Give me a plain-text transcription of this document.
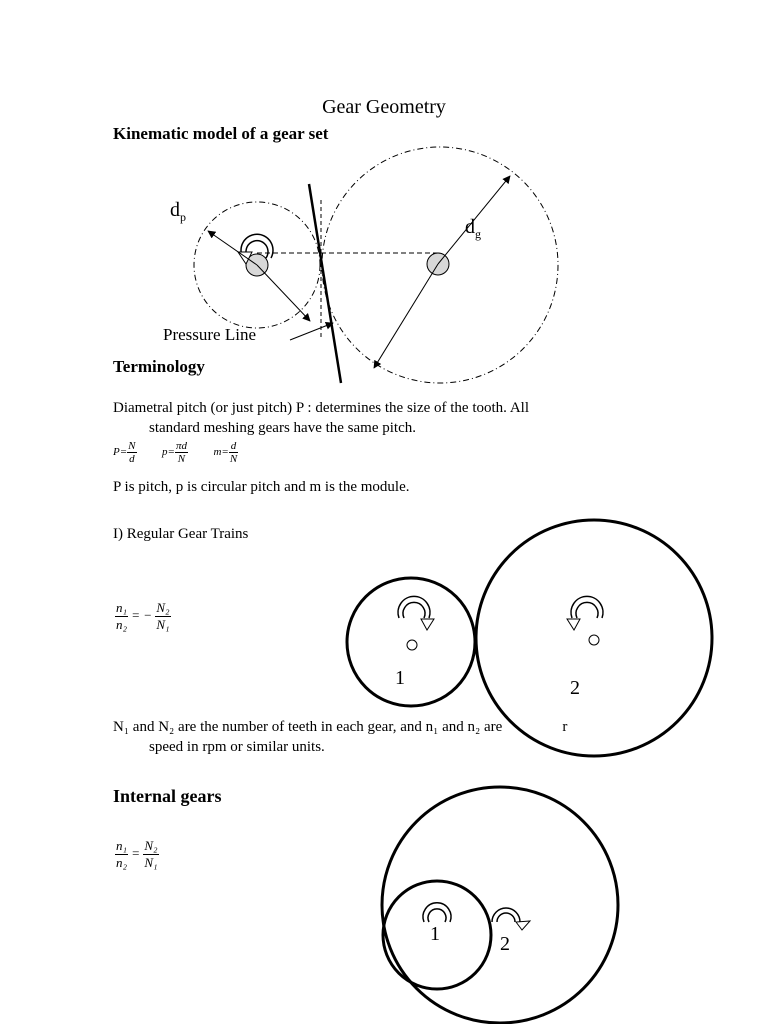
Gear Geometry
Kinematic model of a gear set
$d_p$	$d_g$
Pressure Line
Terminology
Diametral pitch (or just pitch) P : determines the size of the tooth. All

standard meshing gears have the same pitch.
$P= \frac{N}{d} p= \frac{\pi d}{N} m= \frac{d}{N}$
P is pitch, p is circular pitch and m is the module.
I) Regular Gear Trains
$\frac{\text{n₁}}{\text{n₂}}$ = − $\frac{\text{N₂}}{\text{N₁}}$
1	2
N₁ and N₂ are the number of teeth in each gear, and n₁ and n₂ are	r

speed in rpm or similar units.
Internal gears
$\frac{\text{n₁}}{\text{n₂}} = \frac{\text{N₂}}{\text{N₁}}$
1	2
